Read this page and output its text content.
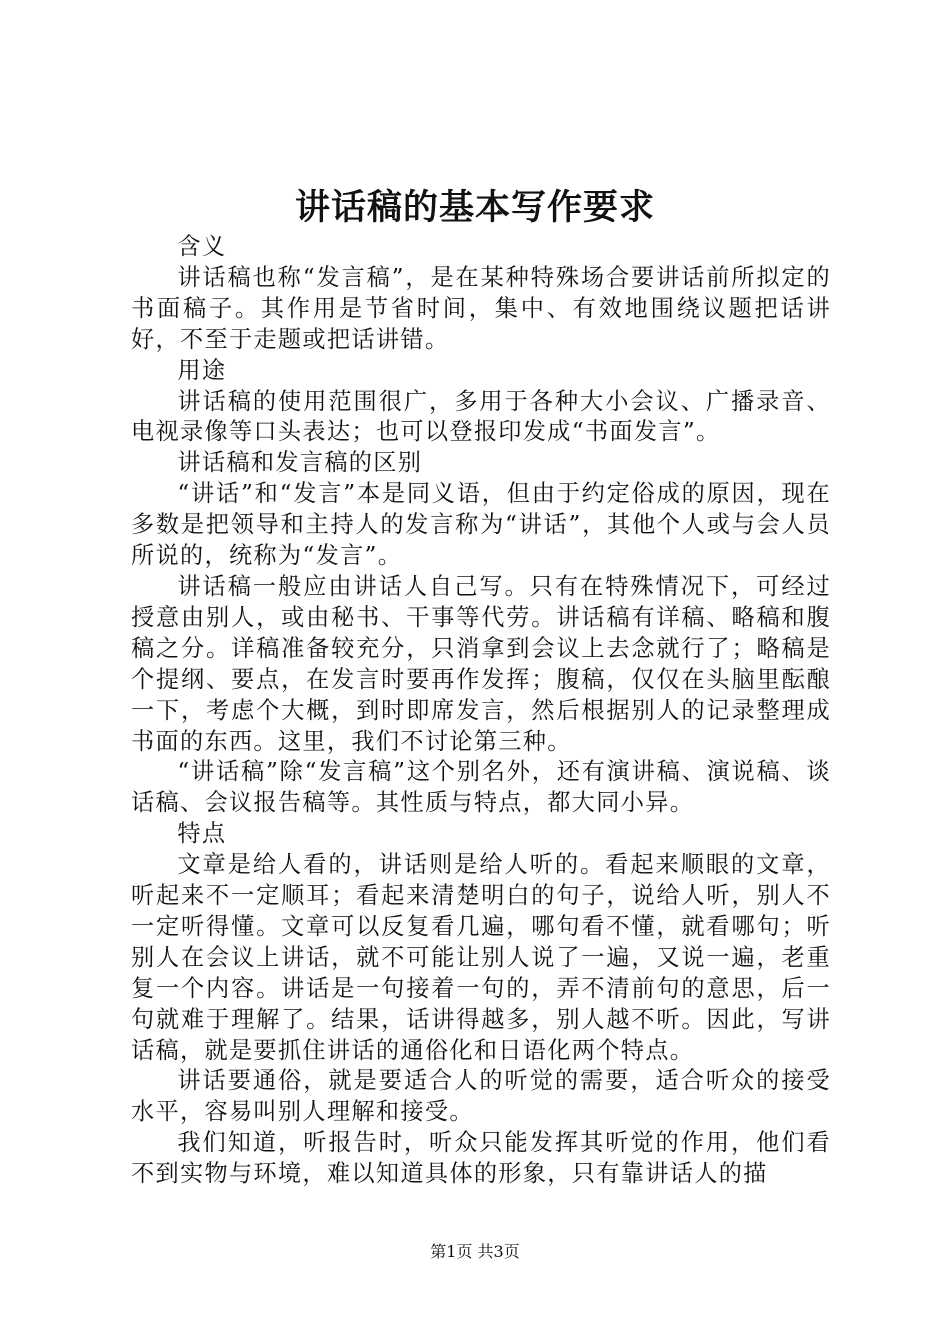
讲话稿的基本写作要求

含义

讲话稿也称“发言稿”，是在某种特殊场合要讲话前所拟定的书面稿子。其作用是节省时间，集中、有效地围绕议题把话讲好，不至于走题或把话讲错。

用途

讲话稿的使用范围很广，多用于各种大小会议、广播录音、电视录像等口头表达；也可以登报印发成“书面发言”。

讲话稿和发言稿的区别

“讲话”和“发言”本是同义语，但由于约定俗成的原因，现在多数是把领导和主持人的发言称为“讲话”，其他个人或与会人员所说的，统称为“发言”。

讲话稿一般应由讲话人自己写。只有在特殊情况下，可经过授意由别人，或由秘书、干事等代劳。讲话稿有详稿、略稿和腹稿之分。详稿准备较充分，只消拿到会议上去念就行了；略稿是个提纲、要点，在发言时要再作发挥；腹稿，仅仅在头脑里酝酿一下，考虑个大概，到时即席发言，然后根据别人的记录整理成书面的东西。这里，我们不讨论第三种。

“讲话稿”除“发言稿”这个别名外，还有演讲稿、演说稿、谈话稿、会议报告稿等。其性质与特点，都大同小异。

特点

文章是给人看的，讲话则是给人听的。看起来顺眼的文章，听起来不一定顺耳；看起来清楚明白的句子，说给人听，别人不一定听得懂。文章可以反复看几遍，哪句看不懂，就看哪句；听别人在会议上讲话，就不可能让别人说了一遍，又说一遍，老重复一个内容。讲话是一句接着一句的，弄不清前句的意思，后一句就难于理解了。结果，话讲得越多，别人越不听。因此，写讲话稿，就是要抓住讲话的通俗化和日语化两个特点。

讲话要通俗，就是要适合人的听觉的需要，适合听众的接受水平，容易叫别人理解和接受。

我们知道，听报告时，听众只能发挥其听觉的作用，他们看不到实物与环境，难以知道具体的形象，只有靠讲话人的描

第1页 共3页
